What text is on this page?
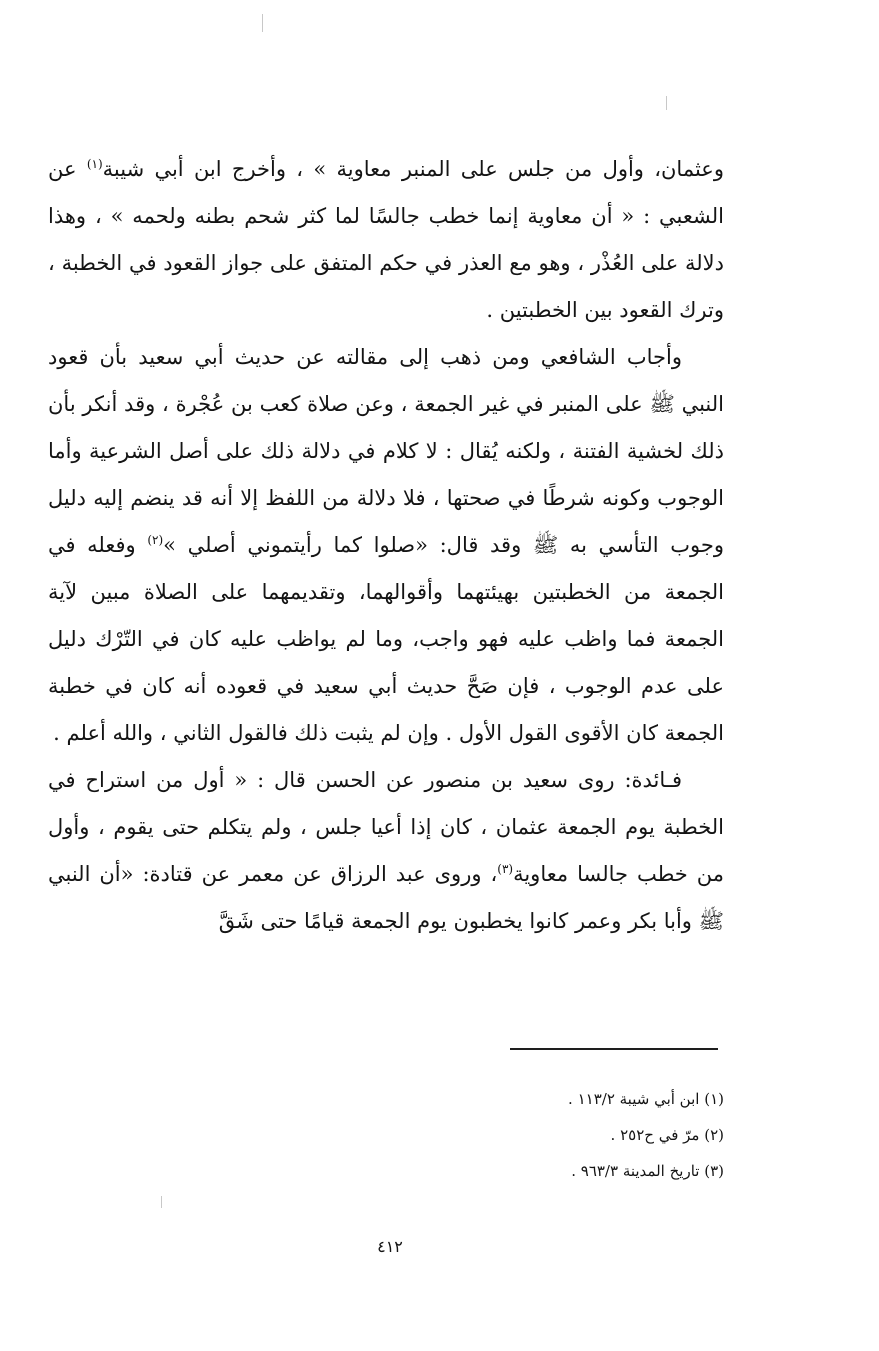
وعثمان، وأول من جلس على المنبر معاوية » ، وأخرج ابن أبي شيبة$^{(١)}$ عن الشعبي : « أن معاوية إنما خطب جالسًا لما كثر شحم بطنه ولحمه » ، وهذا دلالة على العُذْر ، وهو مع العذر في حكم المتفق على جواز القعود في الخطبة ، وترك القعود بين الخطبتين .

وأجاب الشافعي ومن ذهب إلى مقالته عن حديث أبي سعيد بأن قعود النبي ﷺ على المنبر في غير الجمعة ، وعن صلاة كعب بن عُجْرة ، وقد أنكر بأن ذلك لخشية الفتنة ، ولكنه يُقال : لا كلام في دلالة ذلك على أصل الشرعية وأما الوجوب وكونه شرطًا في صحتها ، فلا دلالة من اللفظ إلا أنه قد ينضم إليه دليل وجوب التأسي به ﷺ وقد قال: «صلوا كما رأيتموني أصلي »$^{(٢)}$ وفعله في الجمعة من الخطبتين بهيئتهما وأقوالهما، وتقديمهما على الصلاة مبين لآية الجمعة فما واظب عليه فهو واجب، وما لم يواظب عليه كان في التّرْك دليل على عدم الوجوب ، فإن صَحَّ حديث أبي سعيد في قعوده أنه كان في خطبة الجمعة كان الأقوى القول الأول . وإن لم يثبت ذلك فالقول الثاني ، والله أعلم .

فـائدة: روى سعيد بن منصور عن الحسن قال : « أول من استراح في الخطبة يوم الجمعة عثمان ، كان إذا أعيا جلس ، ولم يتكلم حتى يقوم ، وأول من خطب جالسا معاوية$^{(٣)}$، وروى عبد الرزاق عن معمر عن قتادة: «أن النبي ﷺ وأبا بكر وعمر كانوا يخطبون يوم الجمعة قيامًا حتى شَقَّ

(١) ابن أبي شيبة ١١٣/٢ .

(٢) مرّ في ح٢٥٢ .

(٣) تاريخ المدينة ٩٦٣/٣ .

٤١٢
